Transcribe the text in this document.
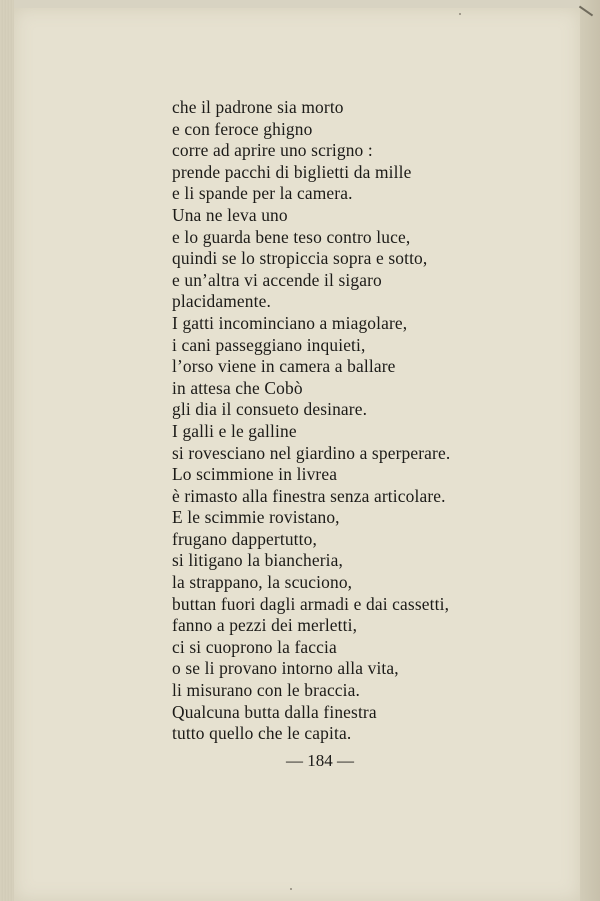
che il padrone sia morto
e con feroce ghigno
corre ad aprire uno scrigno :
prende pacchi di biglietti da mille
e li spande per la camera.
Una ne leva uno
e lo guarda bene teso contro luce,
quindi se lo stropiccia sopra e sotto,
e un’altra vi accende il sigaro
placidamente.
I gatti incominciano a miagolare,
i cani passeggiano inquieti,
l’orso viene in camera a ballare
in attesa che Cobò
gli dia il consueto desinare.
I galli e le galline
si rovesciano nel giardino a sperperare.
Lo scimmione in livrea
è rimasto alla finestra senza articolare.
E le scimmie rovistano,
frugano dappertutto,
si litigano la biancheria,
la strappano, la scuciono,
buttan fuori dagli armadi e dai cassetti,
fanno a pezzi dei merletti,
ci si cuoprono la faccia
o se li provano intorno alla vita,
li misurano con le braccia.
Qualcuna butta dalla finestra
tutto quello che le capita.
— 184 —
